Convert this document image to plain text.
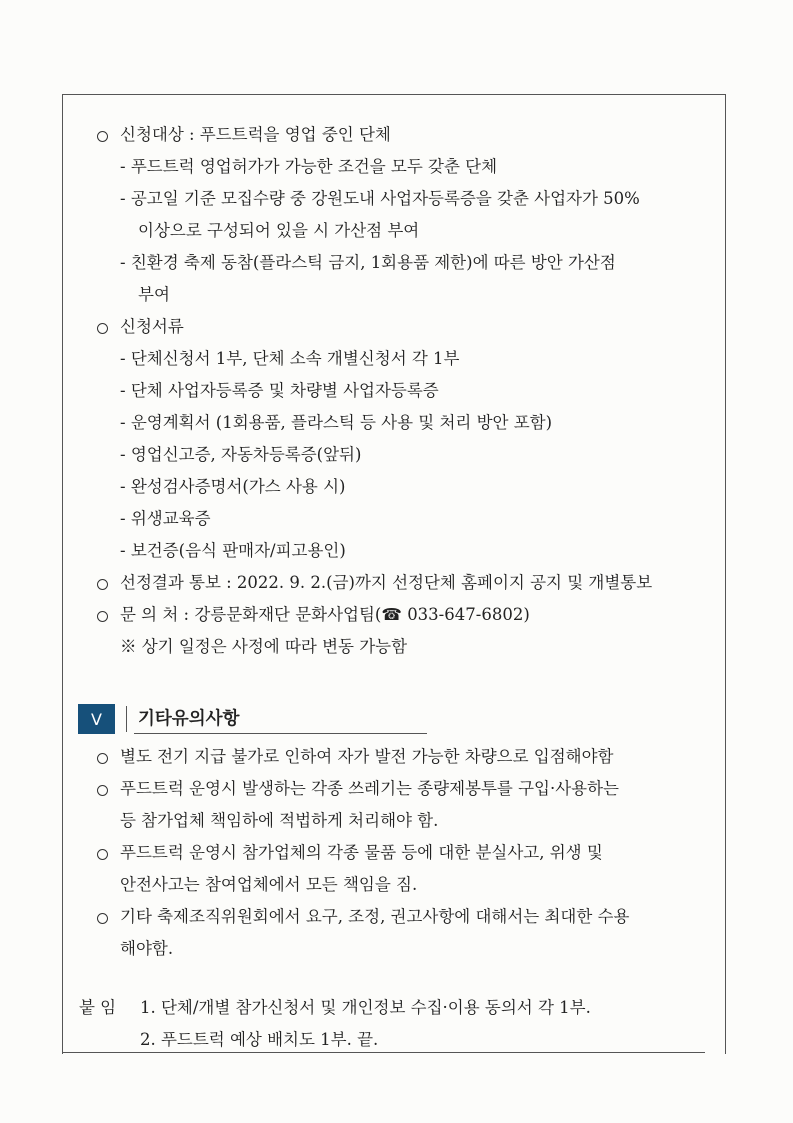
신청대상 : 푸드트럭을 영업 중인 단체
- 푸드트럭 영업허가가 가능한 조건을 모두 갖춘 단체
- 공고일 기준 모집수량 중 강원도내 사업자등록증을 갖춘 사업자가 50%
이상으로 구성되어 있을 시 가산점 부여
- 친환경 축제 동참(플라스틱 금지, 1회용품 제한)에 따른 방안 가산점
부여
신청서류
- 단체신청서 1부, 단체 소속 개별신청서 각 1부
- 단체 사업자등록증 및 차량별 사업자등록증
- 운영계획서 (1회용품, 플라스틱 등 사용 및 처리 방안 포함)
- 영업신고증, 자동차등록증(앞뒤)
- 완성검사증명서(가스 사용 시)
- 위생교육증
- 보건증(음식 판매자/피고용인)
선정결과 통보 : 2022. 9. 2.(금)까지 선정단체 홈페이지 공지 및 개별통보
문 의 처 : 강릉문화재단 문화사업팀(☎ 033-647-6802)
※ 상기 일정은 사정에 따라 변동 가능함
V	기타유의사항
별도 전기 지급 불가로 인하여 자가 발전 가능한 차량으로 입점해야함
푸드트럭 운영시 발생하는 각종 쓰레기는 종량제봉투를 구입·사용하는
등 참가업체 책임하에 적법하게 처리해야 함.
푸드트럭 운영시 참가업체의 각종 물품 등에 대한 분실사고, 위생 및
안전사고는 참여업체에서 모든 책임을 짐.
기타 축제조직위원회에서 요구, 조정, 권고사항에 대해서는 최대한 수용
해야함.
붙 임 1. 단체/개별 참가신청서 및 개인정보 수집·이용 동의서 각 1부.
2. 푸드트럭 예상 배치도 1부. 끝.
